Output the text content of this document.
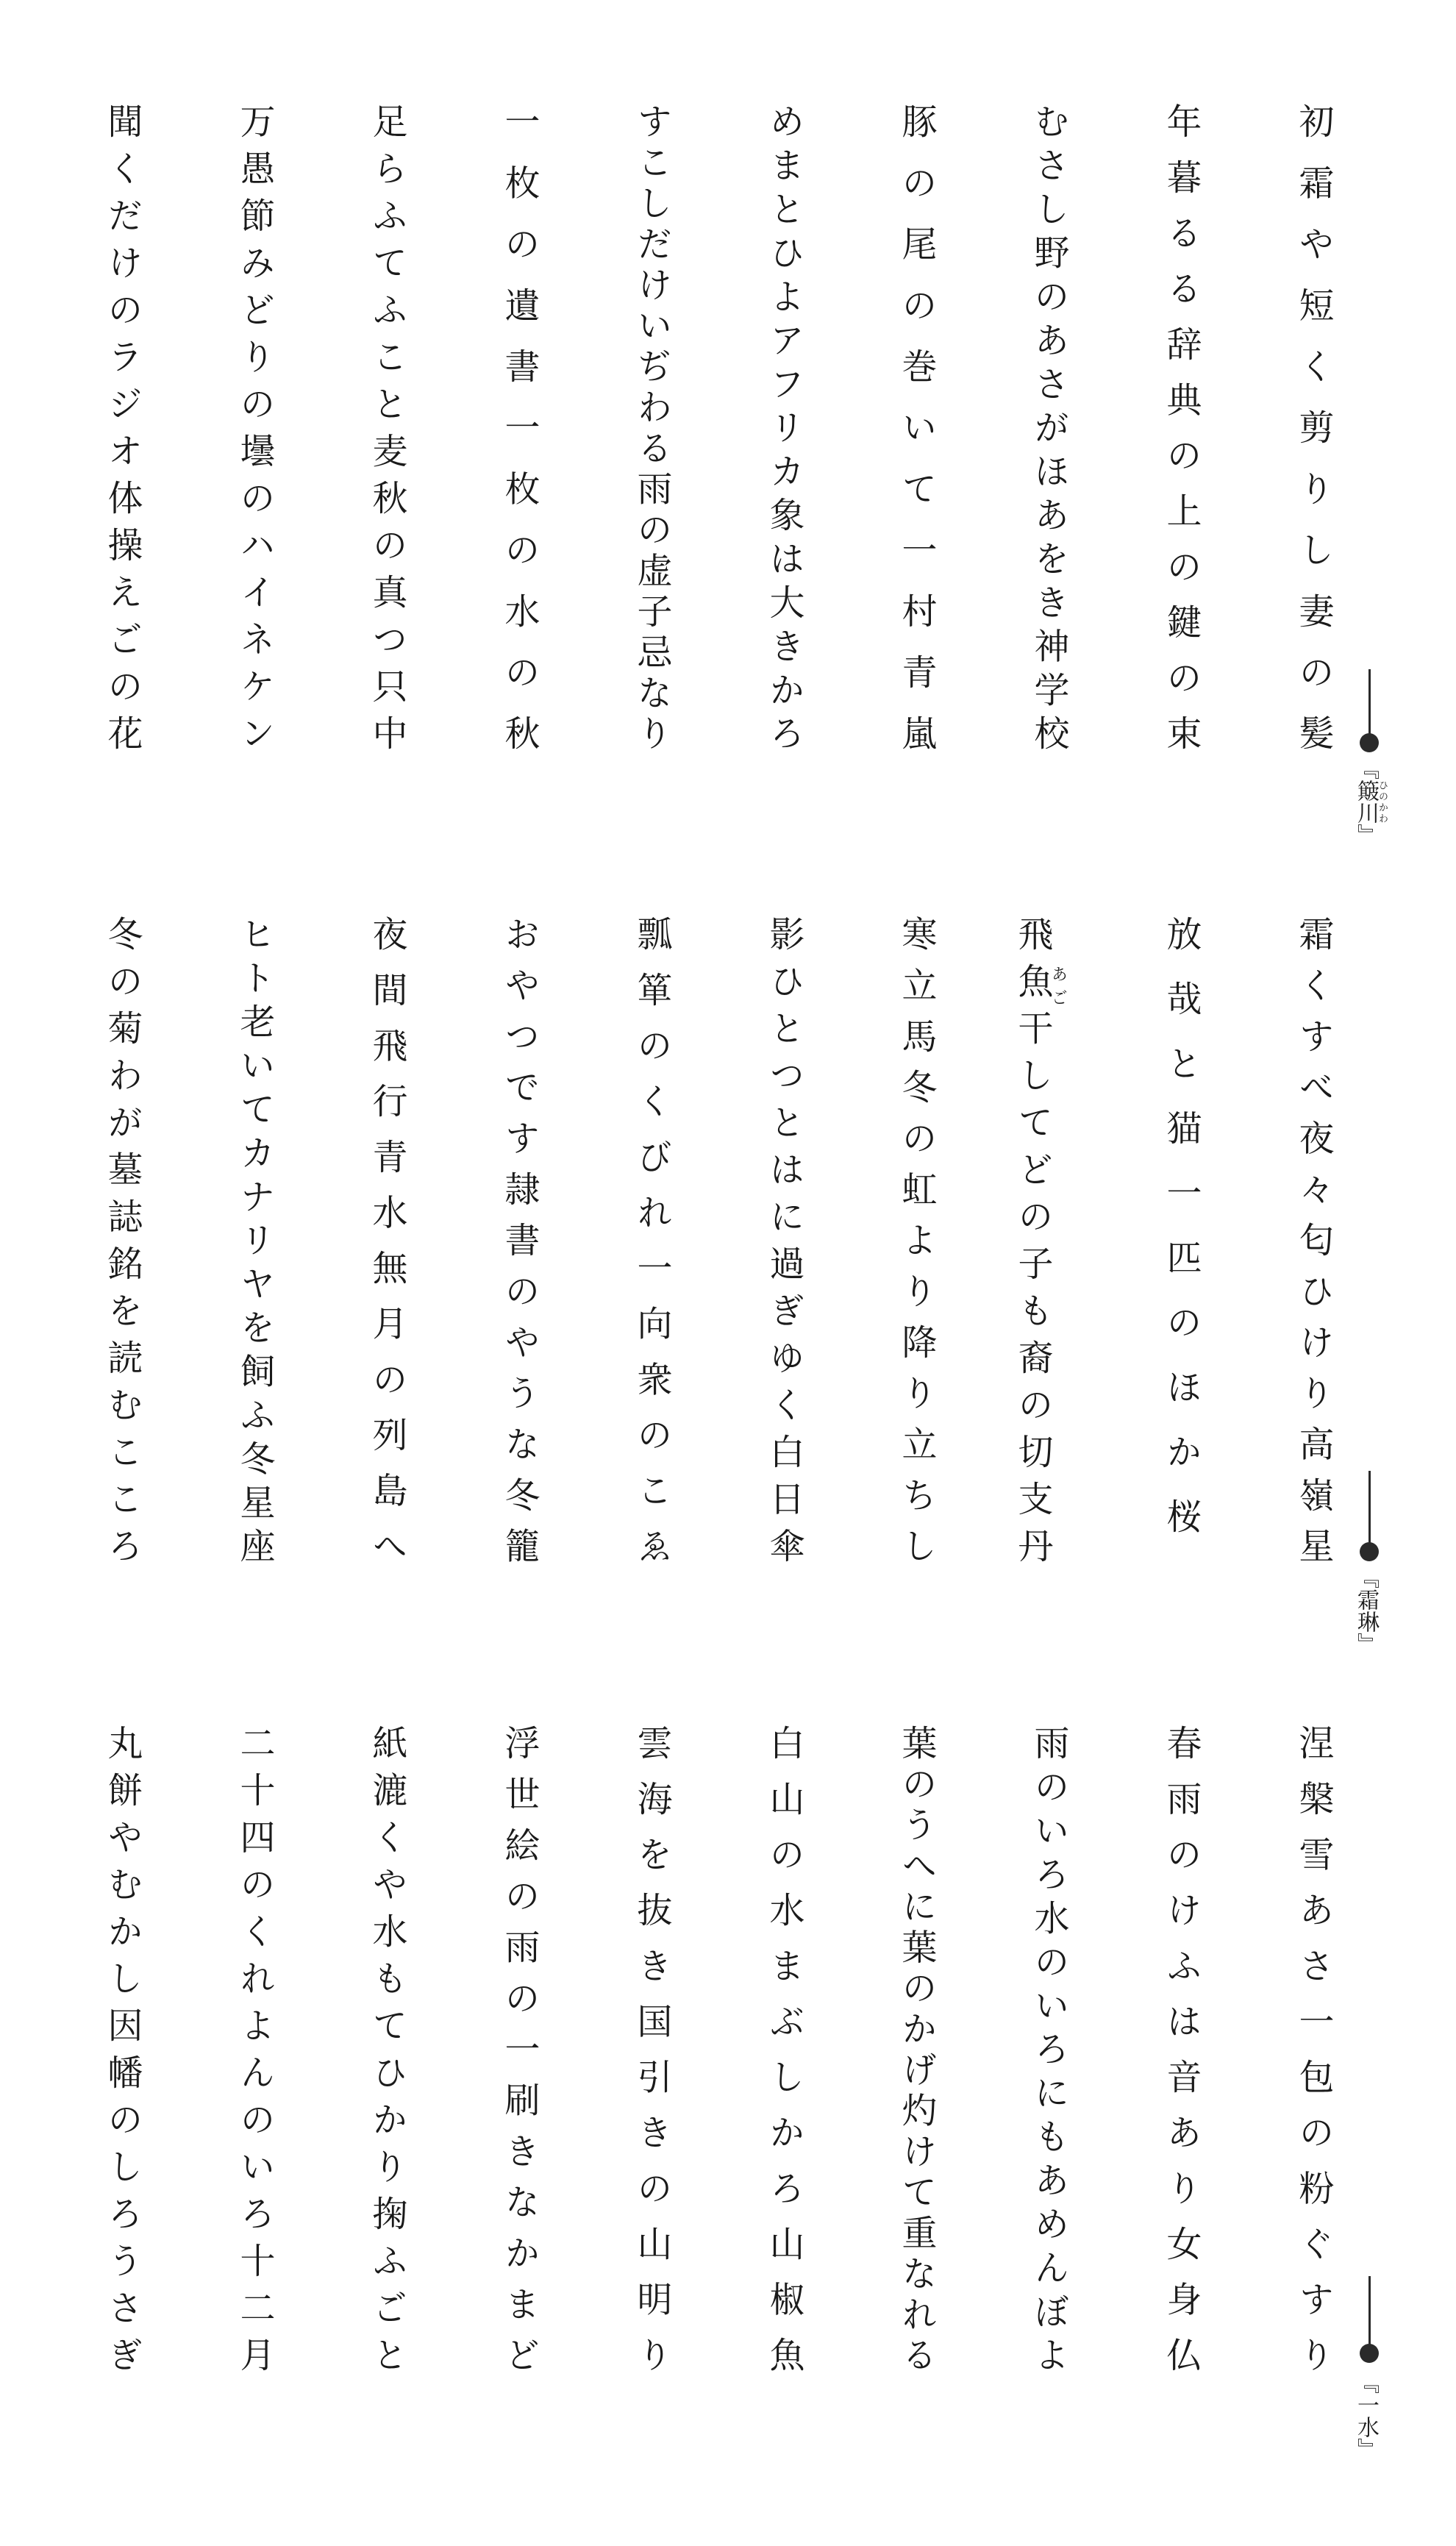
初霜や短く剪りし妻の髪
年暮るる辞典の上の鍵の束
むさし野のあさがほあをき神学校
豚の尾の巻いて一村青嵐
めまとひよアフリカ象は大きかろ
すこしだけいぢわる雨の虚子忌なり
一枚の遺書一枚の水の秋
足らふてふこと麦秋の真つ只中
万愚節みどりの壜のハイネケン
聞くだけのラジオ体操えごの花
『簸川ひのかわ』
霜くすべ夜々匂ひけり高嶺星
放哉と猫一匹のほか桜
飛魚あご干してどの子も裔の切支丹
寒立馬冬の虹より降り立ちし
影ひとつとはに過ぎゆく白日傘
瓢箪のくびれ一向衆のこゑ
おやつです隷書のやうな冬籠
夜間飛行青水無月の列島へ
ヒト老いてカナリヤを飼ふ冬星座
冬の菊わが墓誌銘を読むこころ
『霜琳』
涅槃雪あさ一包の粉ぐすり
春雨のけふは音あり女身仏
雨のいろ水のいろにもあめんぼよ
葉のうへに葉のかげ灼けて重なれる
白山の水まぶしかろ山椒魚
雲海を抜き国引きの山明り
浮世絵の雨の一刷きなかまど
紙漉くや水もてひかり掬ふごと
二十四のくれよんのいろ十二月
丸餅やむかし因幡のしろうさぎ	『一水』
